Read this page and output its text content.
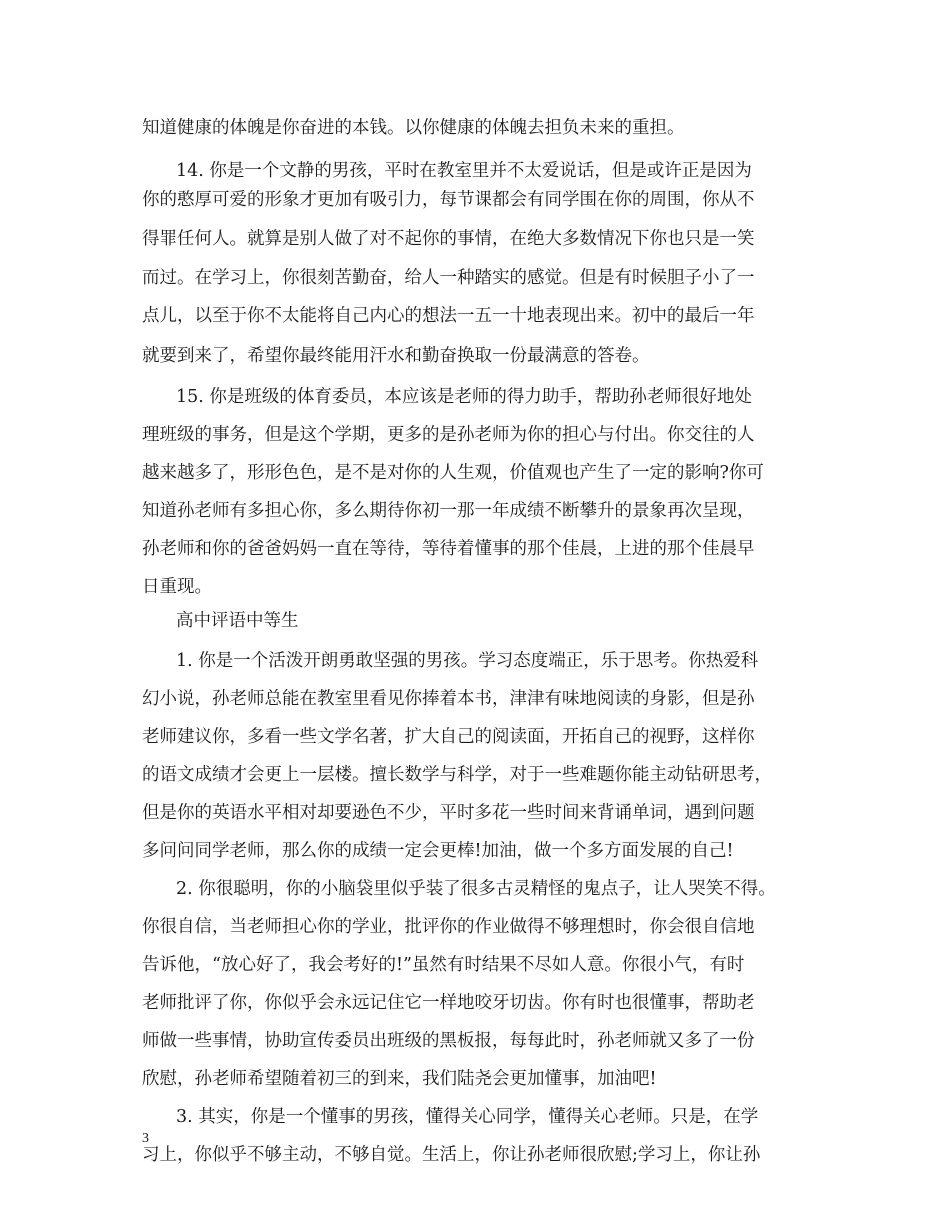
知道健康的体魄是你奋进的本钱。以你健康的体魄去担负未来的重担。
14. 你是一个文静的男孩，平时在教室里并不太爱说话，但是或许正是因为
你的憨厚可爱的形象才更加有吸引力，每节课都会有同学围在你的周围，你从不
得罪任何人。就算是别人做了对不起你的事情，在绝大多数情况下你也只是一笑
而过。在学习上，你很刻苦勤奋，给人一种踏实的感觉。但是有时候胆子小了一
点儿，以至于你不太能将自己内心的想法一五一十地表现出来。初中的最后一年
就要到来了，希望你最终能用汗水和勤奋换取一份最满意的答卷。
15. 你是班级的体育委员，本应该是老师的得力助手，帮助孙老师很好地处
理班级的事务，但是这个学期，更多的是孙老师为你的担心与付出。你交往的人
越来越多了，形形色色，是不是对你的人生观，价值观也产生了一定的影响?你可
知道孙老师有多担心你，多么期待你初一那一年成绩不断攀升的景象再次呈现，
孙老师和你的爸爸妈妈一直在等待，等待着懂事的那个佳晨，上进的那个佳晨早
日重现。
高中评语中等生
1. 你是一个活泼开朗勇敢坚强的男孩。学习态度端正，乐于思考。你热爱科
幻小说，孙老师总能在教室里看见你捧着本书，津津有味地阅读的身影，但是孙
老师建议你，多看一些文学名著，扩大自己的阅读面，开拓自己的视野，这样你
的语文成绩才会更上一层楼。擅长数学与科学，对于一些难题你能主动钻研思考，
但是你的英语水平相对却要逊色不少，平时多花一些时间来背诵单词，遇到问题
多问问同学老师，那么你的成绩一定会更棒!加油，做一个多方面发展的自己!
2. 你很聪明，你的小脑袋里似乎装了很多古灵精怪的鬼点子，让人哭笑不得。
你很自信，当老师担心你的学业，批评你的作业做得不够理想时，你会很自信地
告诉他，“放心好了，我会考好的!”虽然有时结果不尽如人意。你很小气，有时
老师批评了你，你似乎会永远记住它一样地咬牙切齿。你有时也很懂事，帮助老
师做一些事情，协助宣传委员出班级的黑板报，每每此时，孙老师就又多了一份
欣慰，孙老师希望随着初三的到来，我们陆尧会更加懂事，加油吧!
3. 其实，你是一个懂事的男孩，懂得关心同学，懂得关心老师。只是，在学
习上，你似乎不够主动，不够自觉。生活上，你让孙老师很欣慰;学习上，你让孙
3
